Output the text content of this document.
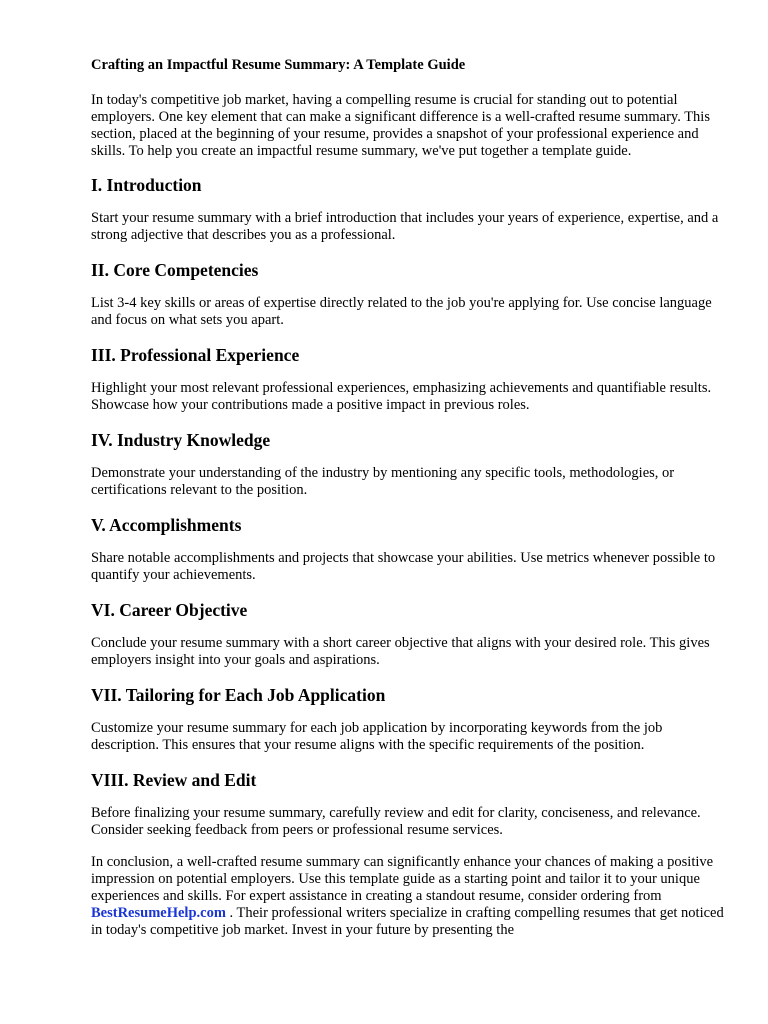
Crafting an Impactful Resume Summary: A Template Guide

In today's competitive job market, having a compelling resume is crucial for standing out to potential employers. One key element that can make a significant difference is a well-crafted resume summary. This section, placed at the beginning of your resume, provides a snapshot of your professional experience and skills. To help you create an impactful resume summary, we've put together a template guide.

I. Introduction

Start your resume summary with a brief introduction that includes your years of experience, expertise, and a strong adjective that describes you as a professional.

II. Core Competencies

List 3-4 key skills or areas of expertise directly related to the job you're applying for. Use concise language and focus on what sets you apart.

III. Professional Experience

Highlight your most relevant professional experiences, emphasizing achievements and quantifiable results. Showcase how your contributions made a positive impact in previous roles.

IV. Industry Knowledge

Demonstrate your understanding of the industry by mentioning any specific tools, methodologies, or certifications relevant to the position.

V. Accomplishments

Share notable accomplishments and projects that showcase your abilities. Use metrics whenever possible to quantify your achievements.

VI. Career Objective

Conclude your resume summary with a short career objective that aligns with your desired role. This gives employers insight into your goals and aspirations.

VII. Tailoring for Each Job Application

Customize your resume summary for each job application by incorporating keywords from the job description. This ensures that your resume aligns with the specific requirements of the position.

VIII. Review and Edit

Before finalizing your resume summary, carefully review and edit for clarity, conciseness, and relevance. Consider seeking feedback from peers or professional resume services.

In conclusion, a well-crafted resume summary can significantly enhance your chances of making a positive impression on potential employers. Use this template guide as a starting point and tailor it to your unique experiences and skills. For expert assistance in creating a standout resume, consider ordering from BestResumeHelp.com . Their professional writers specialize in crafting compelling resumes that get noticed in today's competitive job market. Invest in your future by presenting the
